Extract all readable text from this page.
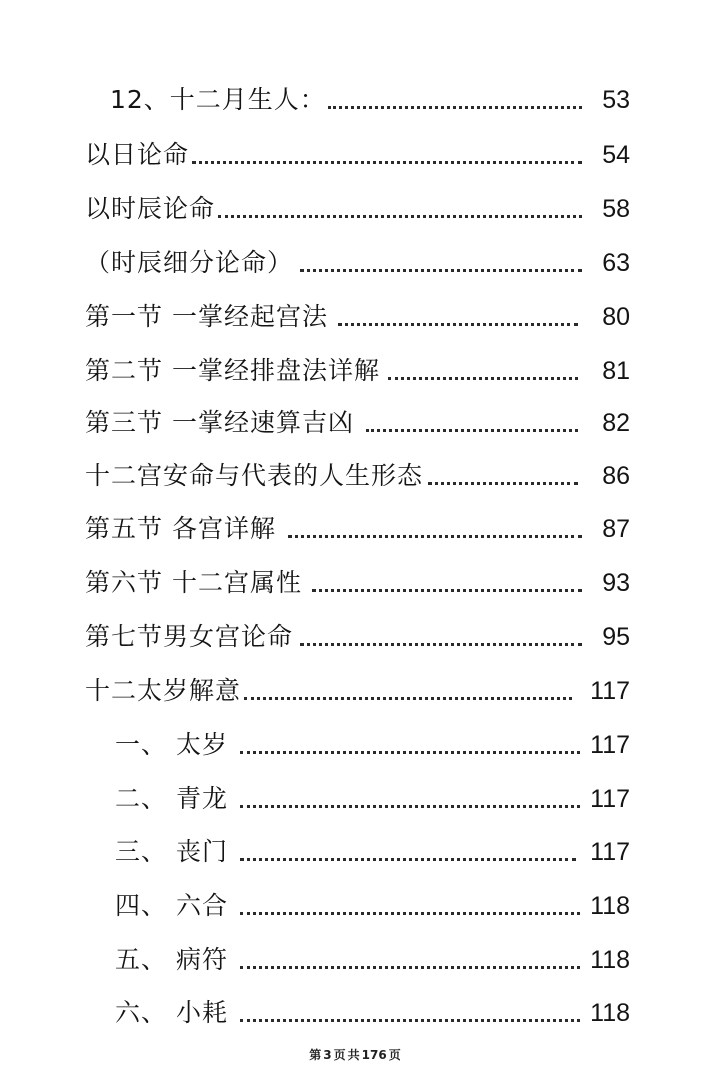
12、十二月生人：	53
以日论命	54
以时辰论命	58
（时辰细分论命）	63
第一节 一掌经起宫法	80
第二节 一掌经排盘法详解	81
第三节 一掌经速算吉凶	82
十二宫安命与代表的人生形态	86
第五节 各宫详解	87
第六节 十二宫属性	93
第七节男女宫论命	95
十二太岁解意	117
一、 太岁	117
二、 青龙	117
三、 丧门	117
四、 六合	118
五、 病符	118
六、 小耗	118
第 3 页 共 176 页
